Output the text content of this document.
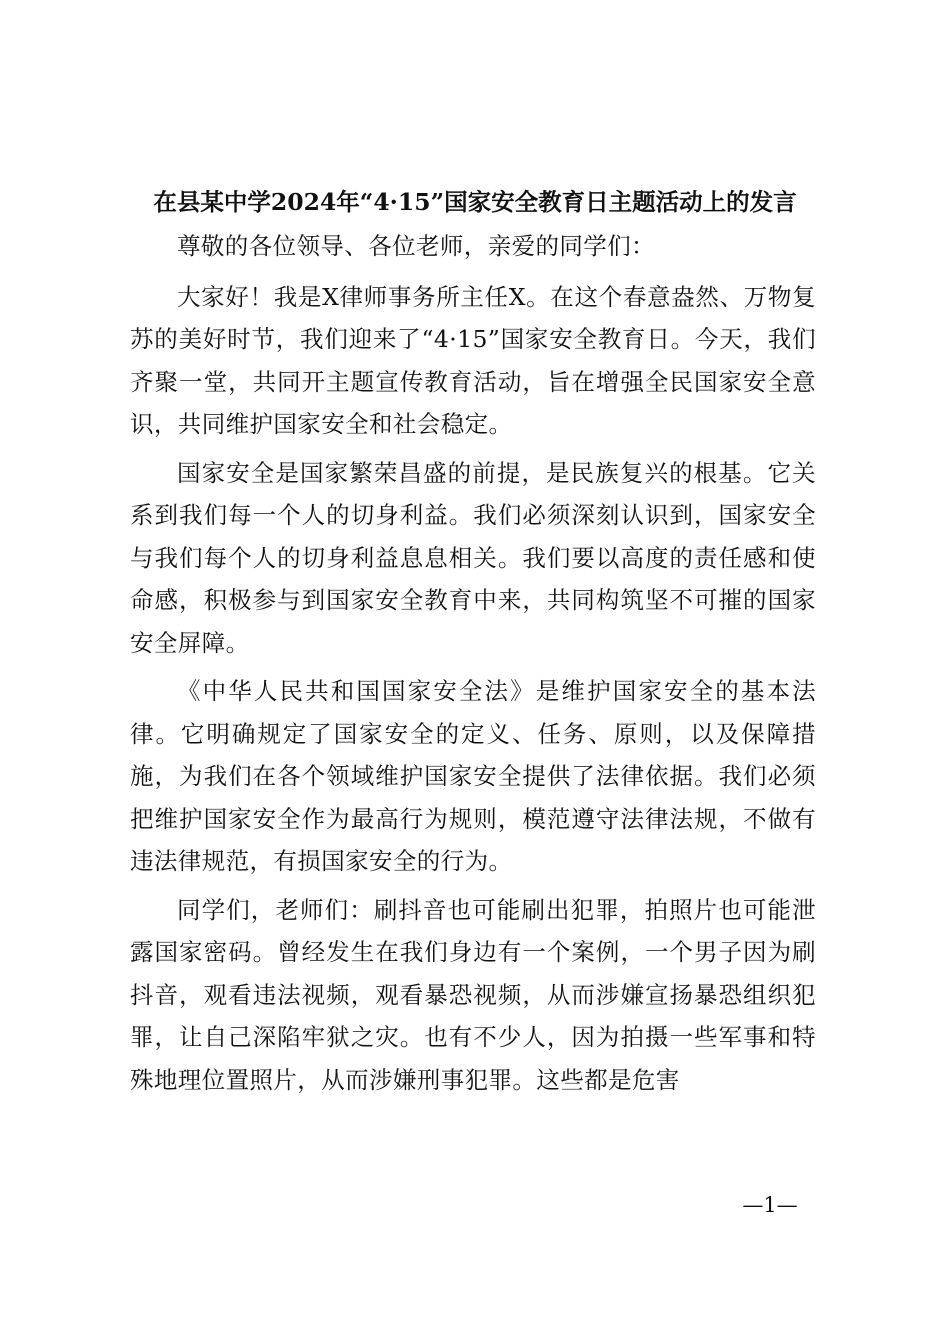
在县某中学2024年“4·15”国家安全教育日主题活动上的发言

尊敬的各位领导、各位老师，亲爱的同学们：

大家好！我是X律师事务所主任X。在这个春意盎然、万物复苏的美好时节，我们迎来了“4·15”国家安全教育日。今天，我们齐聚一堂，共同开主题宣传教育活动，旨在增强全民国家安全意识，共同维护国家安全和社会稳定。

国家安全是国家繁荣昌盛的前提，是民族复兴的根基。它关系到我们每一个人的切身利益。我们必须深刻认识到，国家安全与我们每个人的切身利益息息相关。我们要以高度的责任感和使命感，积极参与到国家安全教育中来，共同构筑坚不可摧的国家安全屏障。

《中华人民共和国国家安全法》是维护国家安全的基本法律。它明确规定了国家安全的定义、任务、原则，以及保障措施，为我们在各个领域维护国家安全提供了法律依据。我们必须把维护国家安全作为最高行为规则，模范遵守法律法规，不做有违法律规范，有损国家安全的行为。

同学们，老师们：刷抖音也可能刷出犯罪，拍照片也可能泄露国家密码。曾经发生在我们身边有一个案例，一个男子因为刷抖音，观看违法视频，观看暴恐视频，从而涉嫌宣扬暴恐组织犯罪，让自己深陷牢狱之灾。也有不少人，因为拍摄一些军事和特殊地理位置照片，从而涉嫌刑事犯罪。这些都是危害

—1—
